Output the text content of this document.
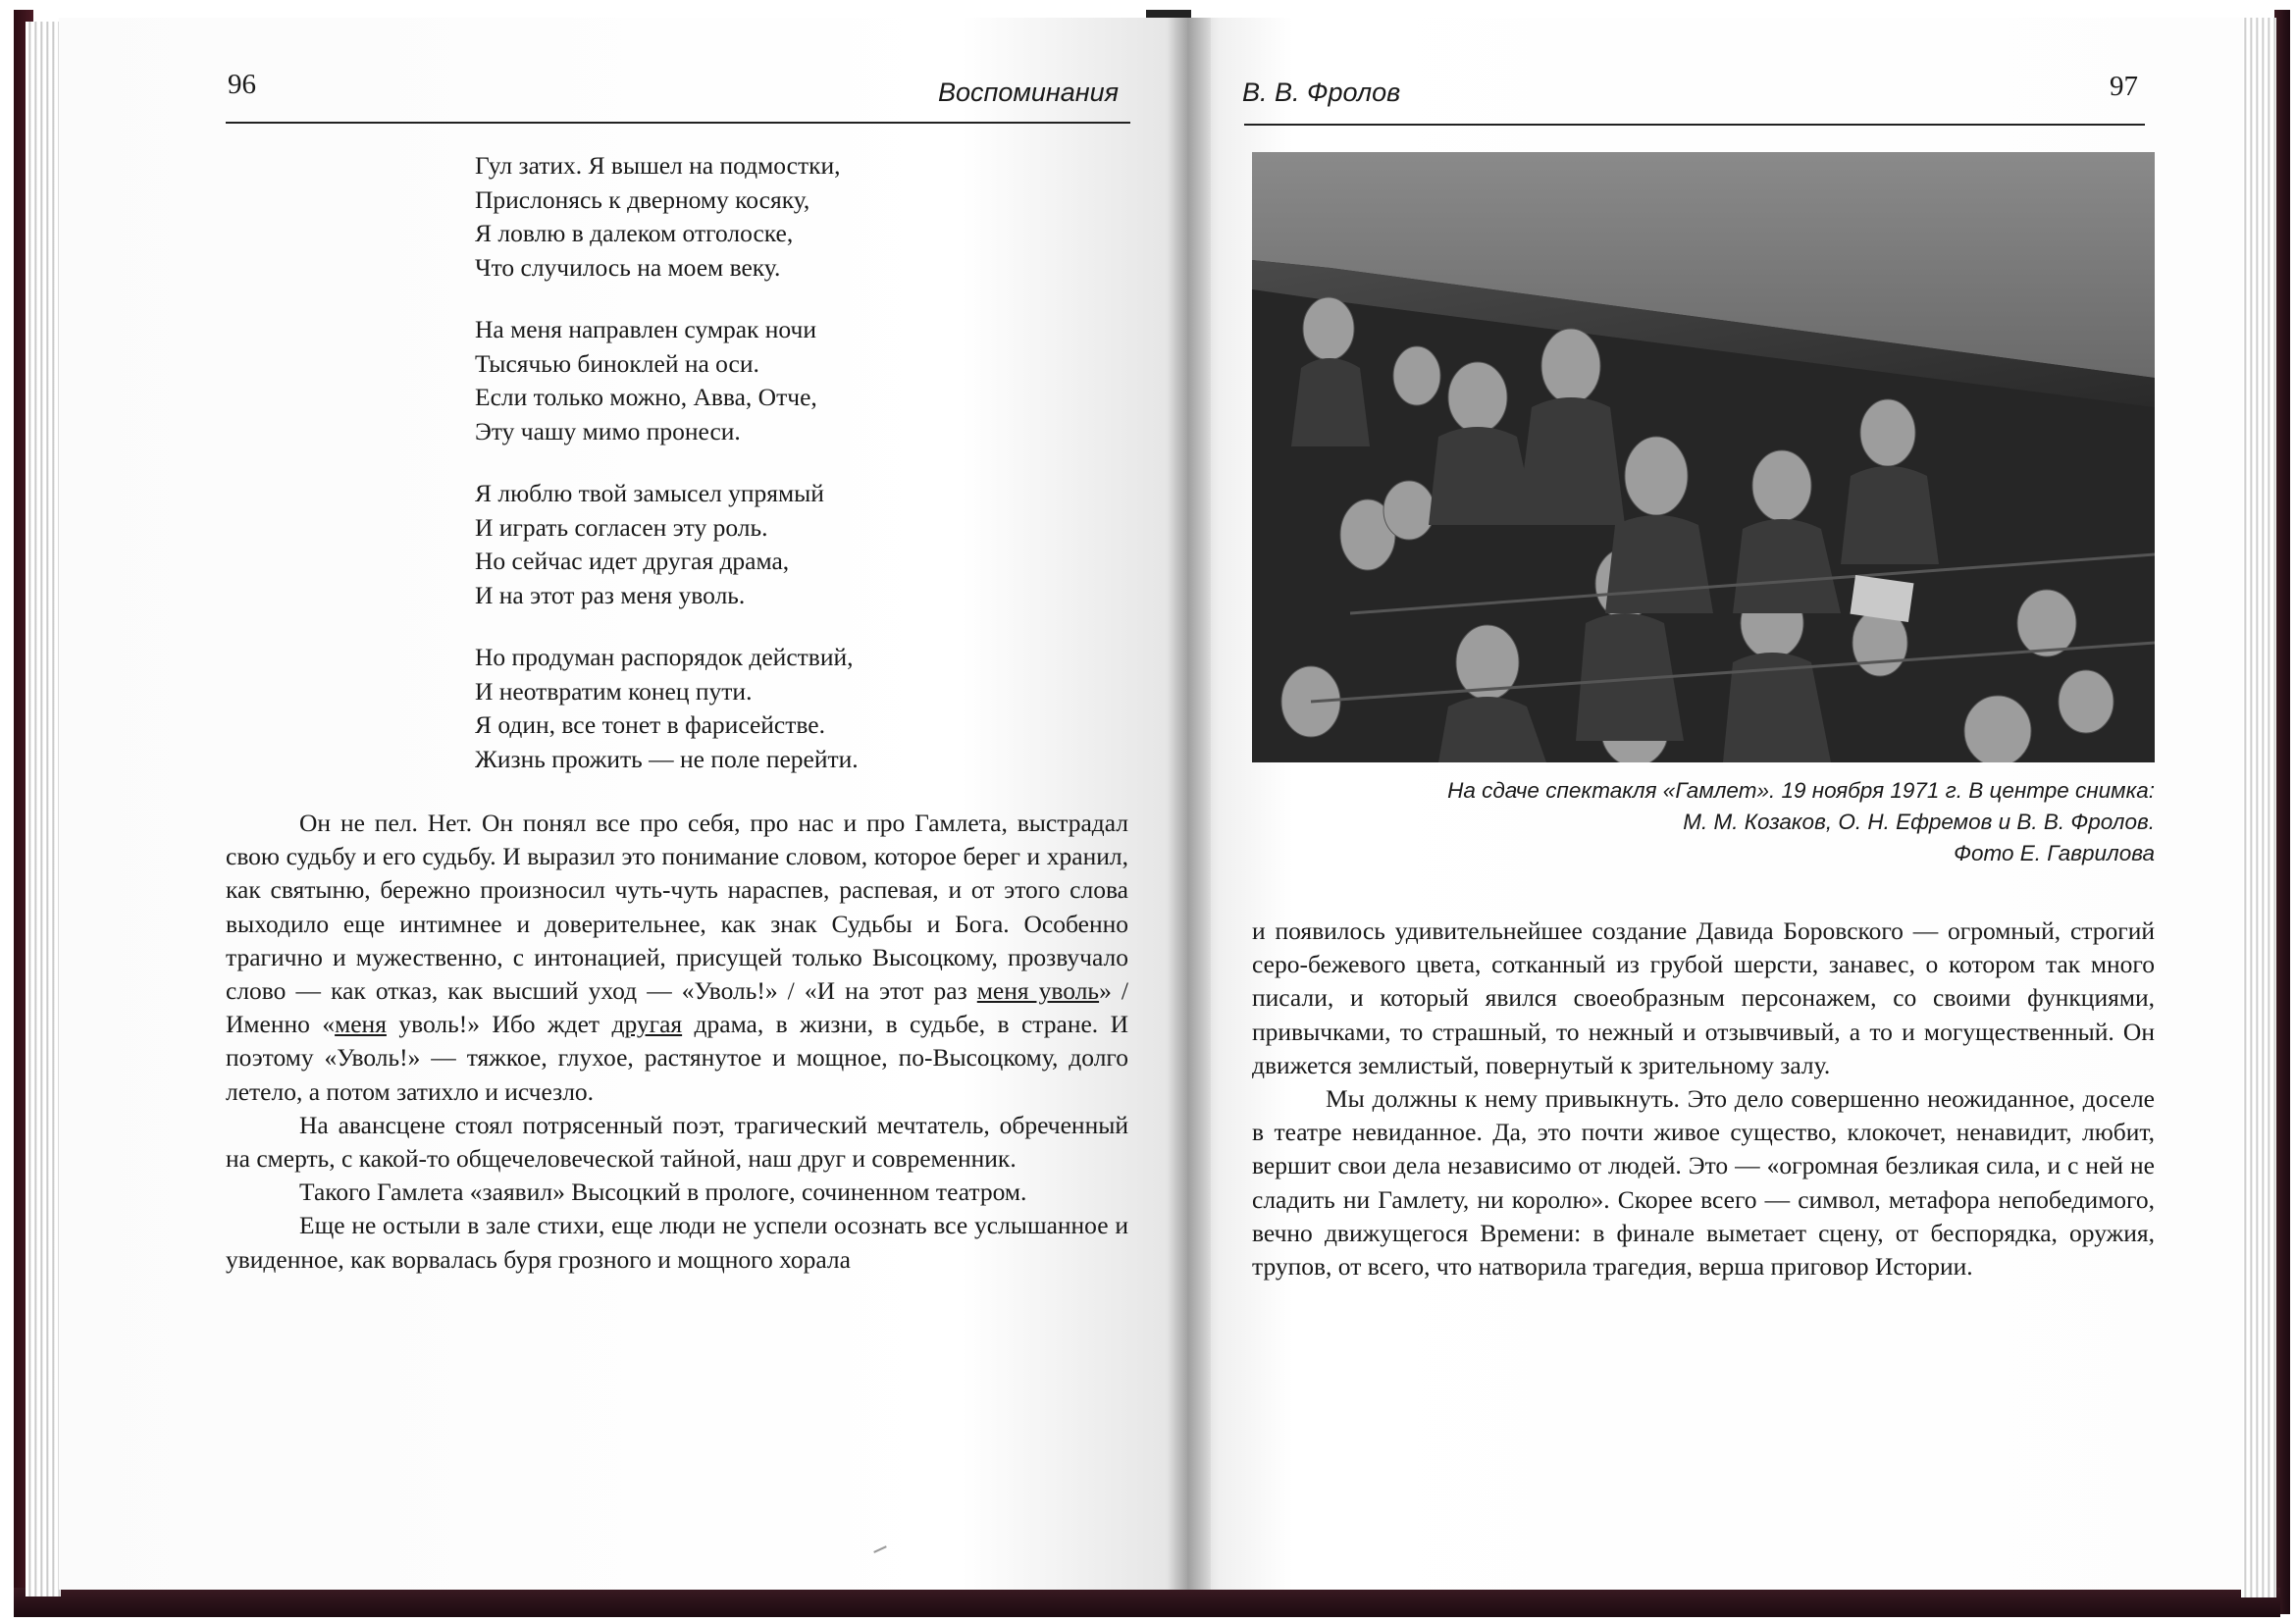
96	Воспоминания	В. В. Фролов	97
Гул затих. Я вышел на подмостки,
Прислонясь к дверному косяку,
Я ловлю в далеком отголоске,
Что случилось на моем веку.
На меня направлен сумрак ночи
Тысячью биноклей на оси.
Если только можно, Авва, Отче,
Эту чашу мимо пронеси.
Я люблю твой замысел упрямый
И играть согласен эту роль.
Но сейчас идет другая драма,
И на этот раз меня уволь.
Но продуман распорядок действий,
И неотвратим конец пути.
Я один, все тонет в фарисействе.
Жизнь прожить — не поле перейти.

Он не пел. Нет. Он понял все про себя, про нас и про Гамлета, выстрадал свою судьбу и его судьбу. И выразил это понимание словом, которое берег и хранил, как святыню, бережно произносил чуть-чуть нараспев, распевая, и от этого слова выходило еще интимнее и доверительнее, как знак Судьбы и Бога. Особенно трагично и мужественно, с интонацией, присущей только Высоцкому, прозвучало слово — как отказ, как высший уход — «Уволь!» / «И на этот раз меня уволь» / Именно «меня уволь!» Ибо ждет другая драма, в жизни, в судьбе, в стране. И поэтому «Уволь!» — тяжкое, глухое, растянутое и мощное, по-Высоцкому, долго летело, а потом затихло и исчезло.

На авансцене стоял потрясенный поэт, трагический мечтатель, обреченный на смерть, с какой-то общечеловеческой тайной, наш друг и современник.

Такого Гамлета «заявил» Высоцкий в прологе, сочиненном театром.

Еще не остыли в зале стихи, еще люди не успели осознать все услышанное и увиденное, как ворвалась буря грозного и мощного хорала

На сдаче спектакля «Гамлет». 19 ноября 1971 г. В центре снимка:
М. М. Козаков, О. Н. Ефремов и В. В. Фролов.
Фото Е. Гаврилова

и появилось удивительнейшее создание Давида Боровского — огромный, строгий серо-бежевого цвета, сотканный из грубой шерсти, занавес, о котором так много писали, и который явился своеобразным персонажем, со своими функциями, привычками, то страшный, то нежный и отзывчивый, а то и могущественный. Он движется землистый, повернутый к зрительному залу.

Мы должны к нему привыкнуть. Это дело совершенно неожиданное, доселе в театре невиданное. Да, это почти живое существо, клокочет, ненавидит, любит, вершит свои дела независимо от людей. Это — «огромная безликая сила, и с ней не сладить ни Гамлету, ни королю». Скорее всего — символ, метафора непобедимого, вечно движущегося Времени: в финале выметает сцену, от беспорядка, оружия, трупов, от всего, что натворила трагедия, верша приговор Истории.
